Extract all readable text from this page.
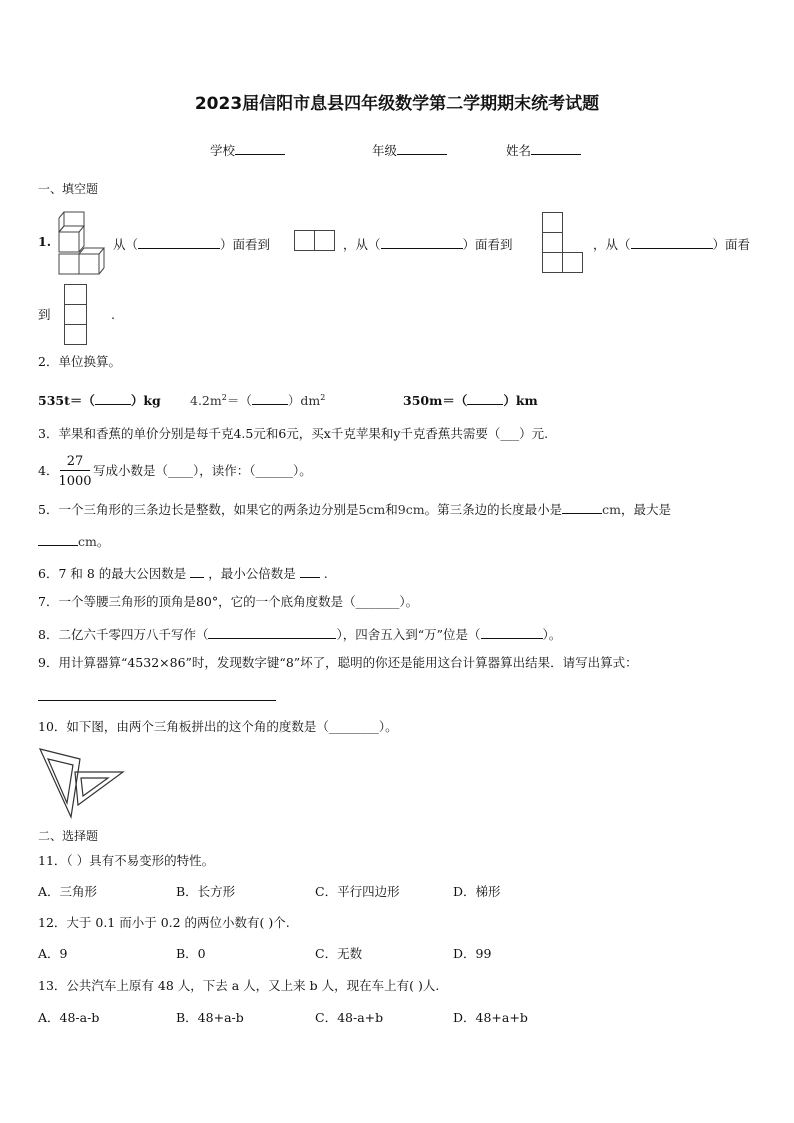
2023届信阳市息县四年级数学第二学期期末统考试题
学校	年级	姓名
一、填空题
1.	从（	）面看到	，从（	）面看到	，从（	）面看
到	.
2．单位换算。
535t＝（	）kg $4.2m^2=$（	）$dm^2$	350m＝（	）km
3．苹果和香蕉的单价分别是每千克4.5元和6元，买x千克苹果和y千克香蕉共需要（___）元.
4．
27
1000
写成小数是（____），读作：（______）。
5．一个三角形的三条边长是整数，如果它的两条边分别是5cm和9cm。第三条边的长度最小是	cm，最大是
cm。
6．7 和 8 的最大公因数是 ，最小公倍数是 .
7．一个等腰三角形的顶角是80°，它的一个底角度数是（_______）。
8．二亿六千零四万八千写作（	），四舍五入到“万”位是（	）。
9．用计算器算“4532×86”时，发现数字键“8”坏了，聪明的你还是能用这台计算器算出结果．请写出算式：
10．如下图，由两个三角板拼出的这个角的度数是（________）。
二、选择题
11．（ ）具有不易变形的特性。
A．三角形	B．长方形	C．平行四边形	D．梯形
12．大于 0.1 而小于 0.2 的两位小数有( )个.
A．9	B．0	C．无数	D．99
13．公共汽车上原有 48 人，下去 a 人，又上来 b 人，现在车上有( )人.
A．48-a-b	B．48+a-b	C．48-a+b	D．48+a+b
